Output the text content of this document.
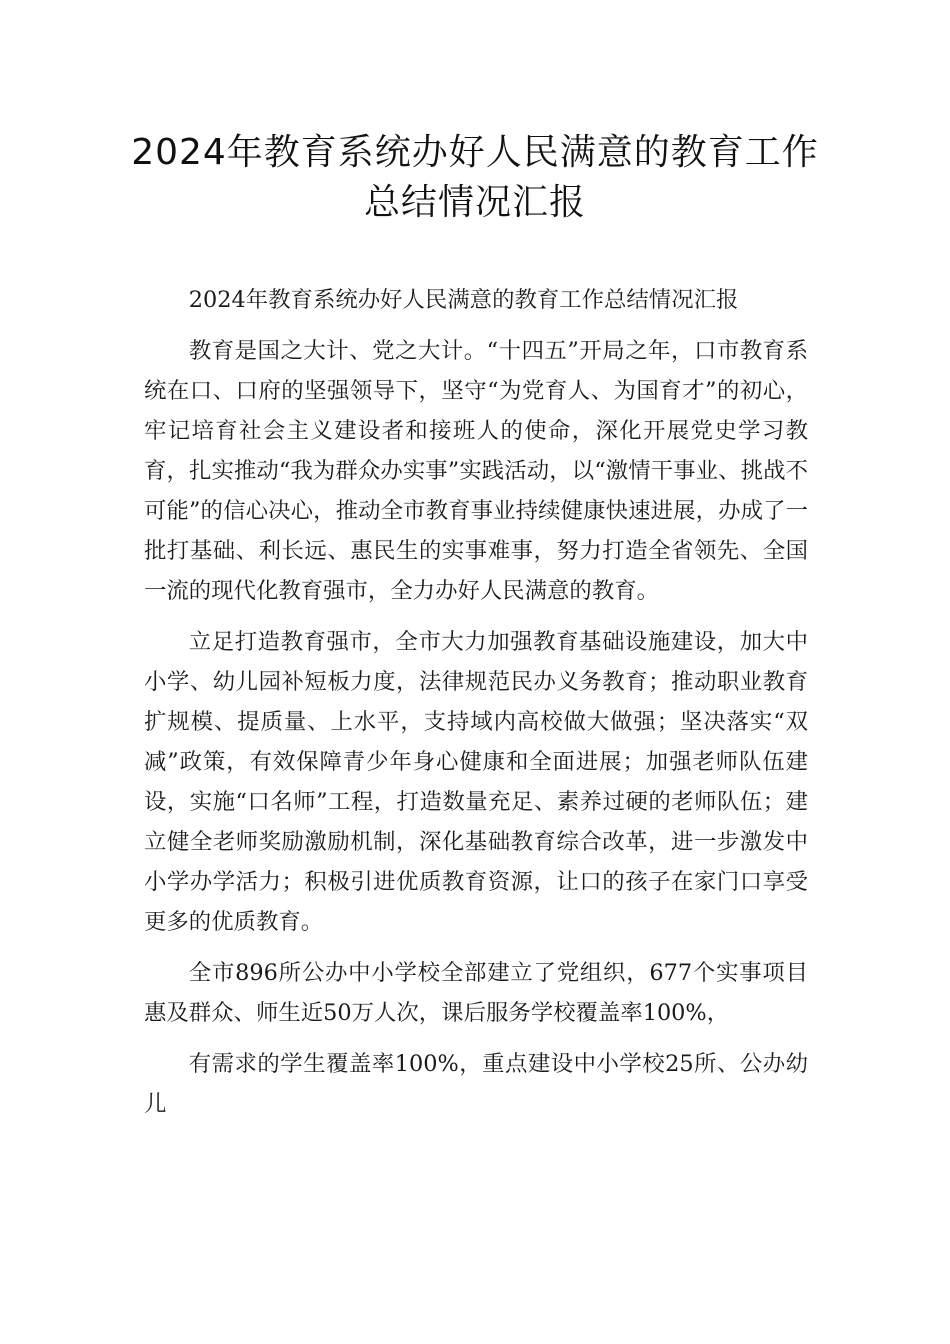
2024年教育系统办好人民满意的教育工作总结情况汇报

2024年教育系统办好人民满意的教育工作总结情况汇报

教育是国之大计、党之大计。“十四五”开局之年，口市教育系统在口、口府的坚强领导下，坚守“为党育人、为国育才”的初心，牢记培育社会主义建设者和接班人的使命，深化开展党史学习教育，扎实推动“我为群众办实事”实践活动，以“激情干事业、挑战不可能”的信心决心，推动全市教育事业持续健康快速进展，办成了一批打基础、利长远、惠民生的实事难事，努力打造全省领先、全国一流的现代化教育强市，全力办好人民满意的教育。

立足打造教育强市，全市大力加强教育基础设施建设，加大中小学、幼儿园补短板力度，法律规范民办义务教育；推动职业教育扩规模、提质量、上水平，支持域内高校做大做强；坚决落实“双减”政策，有效保障青少年身心健康和全面进展；加强老师队伍建设，实施“口名师”工程，打造数量充足、素养过硬的老师队伍；建立健全老师奖励激励机制，深化基础教育综合改革，进一步激发中小学办学活力；积极引进优质教育资源，让口的孩子在家门口享受更多的优质教育。

全市896所公办中小学校全部建立了党组织，677个实事项目惠及群众、师生近50万人次，课后服务学校覆盖率100%，

有需求的学生覆盖率100%，重点建设中小学校25所、公办幼儿
